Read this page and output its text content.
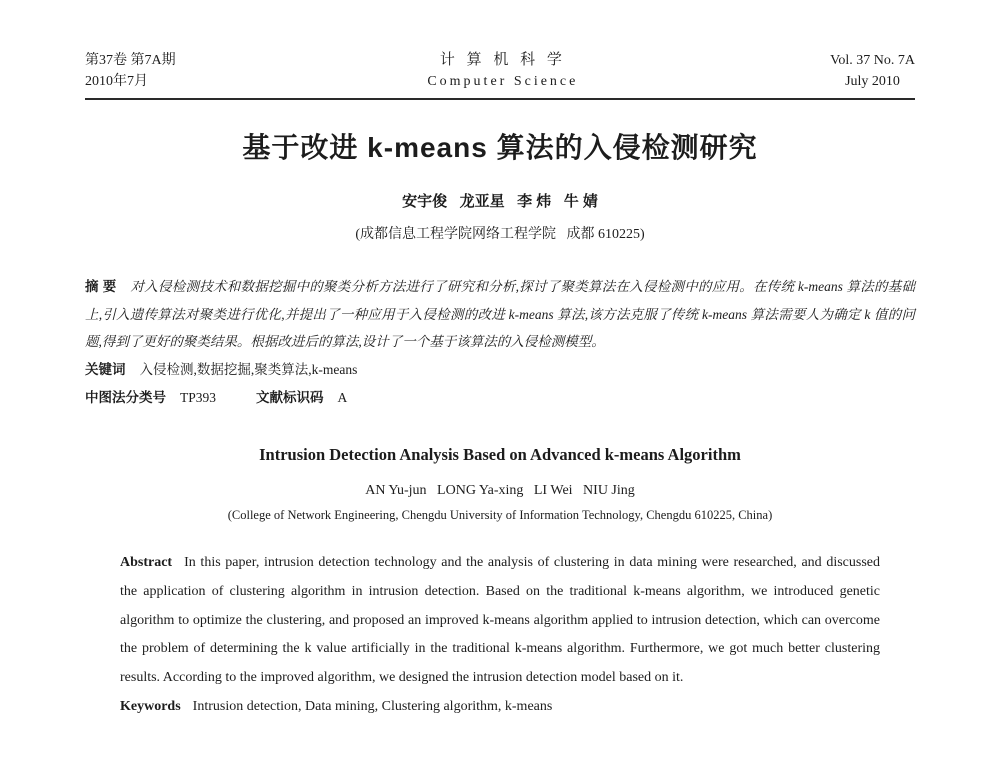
第37卷 第7A期
2010年7月
计 算 机 科 学
Computer Science
Vol. 37 No. 7A
July 2010
基于改进 k-means 算法的入侵检测研究
安宇俊   龙亚星   李 炜   牛 婧
(成都信息工程学院网络工程学院   成都 610225)
摘 要 对入侵检测技术和数据挖掘中的聚类分析方法进行了研究和分析,探讨了聚类算法在入侵检测中的应用。在传统 k-means 算法的基础上,引入遗传算法对聚类进行优化,并提出了一种应用于入侵检测的改进 k-means 算法,该方法克服了传统 k-means 算法需要人为确定 k 值的问题,得到了更好的聚类结果。根据改进后的算法,设计了一个基于该算法的入侵检测模型。
关键词 入侵检测,数据挖掘,聚类算法,k-means
中图法分类号 TP393	文献标识码 A
Intrusion Detection Analysis Based on Advanced k-means Algorithm
AN Yu-jun   LONG Ya-xing   LI Wei   NIU Jing
(College of Network Engineering, Chengdu University of Information Technology, Chengdu 610225, China)
Abstract In this paper, intrusion detection technology and the analysis of clustering in data mining were researched, and discussed the application of clustering algorithm in intrusion detection. Based on the traditional k-means algorithm, we introduced genetic algorithm to optimize the clustering, and proposed an improved k-means algorithm applied to intrusion detection, which can overcome the problem of determining the k value artificially in the traditional k-means algorithm. Furthermore, we got much better clustering results. According to the improved algorithm, we designed the intrusion detection model based on it.
Keywords Intrusion detection, Data mining, Clustering algorithm, k-means
